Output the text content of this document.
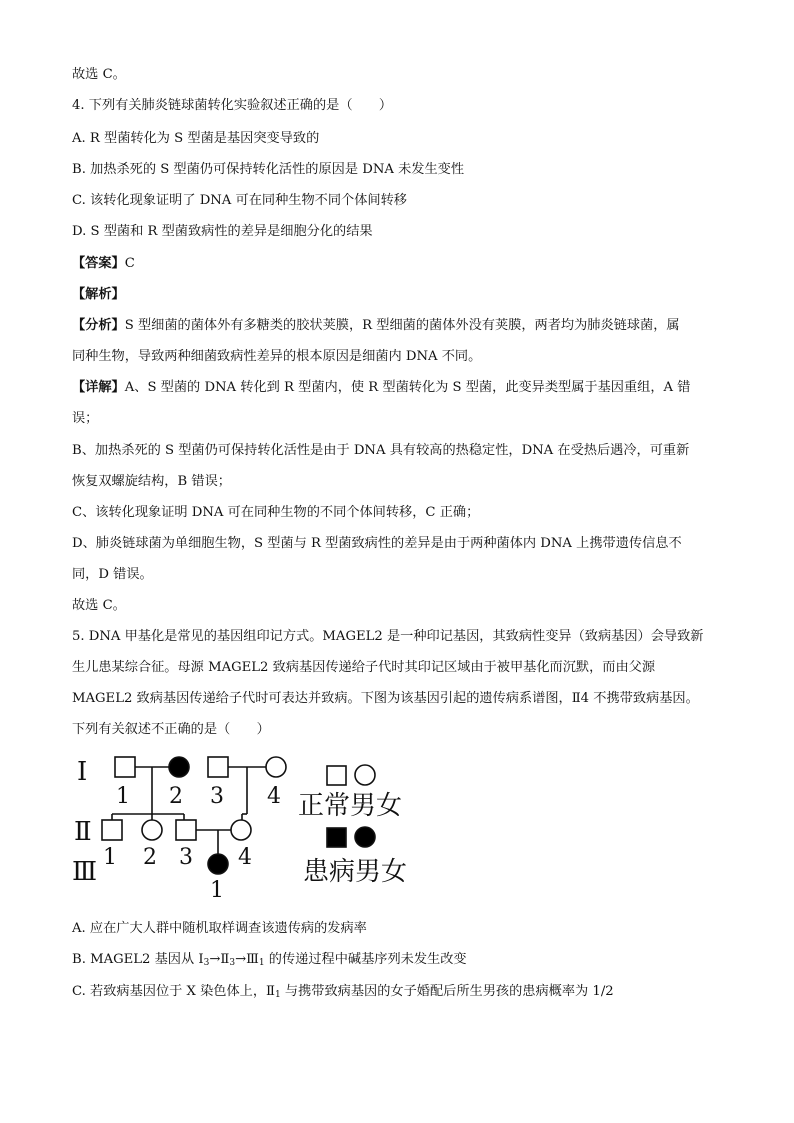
故选 C。
4. 下列有关肺炎链球菌转化实验叙述正确的是（　　）
A. R 型菌转化为 S 型菌是基因突变导致的
B. 加热杀死的 S 型菌仍可保持转化活性的原因是 DNA 未发生变性
C. 该转化现象证明了 DNA 可在同种生物不同个体间转移
D. S 型菌和 R 型菌致病性的差异是细胞分化的结果
【答案】C
【解析】
【分析】S 型细菌的菌体外有多糖类的胶状荚膜，R 型细菌的菌体外没有荚膜，两者均为肺炎链球菌，属
同种生物，导致两种细菌致病性差异的根本原因是细菌内 DNA 不同。
【详解】A、S 型菌的 DNA 转化到 R 型菌内，使 R 型菌转化为 S 型菌，此变异类型属于基因重组，A 错
误；
B、加热杀死的 S 型菌仍可保持转化活性是由于 DNA 具有较高的热稳定性，DNA 在受热后遇冷，可重新
恢复双螺旋结构，B 错误；
C、该转化现象证明 DNA 可在同种生物的不同个体间转移，C 正确；
D、肺炎链球菌为单细胞生物，S 型菌与 R 型菌致病性的差异是由于两种菌体内 DNA 上携带遗传信息不
同，D 错误。
故选 C。
5. DNA 甲基化是常见的基因组印记方式。MAGEL2 是一种印记基因，其致病性变异（致病基因）会导致新
生儿患某综合征。母源 MAGEL2 致病基因传递给子代时其印记区域由于被甲基化而沉默，而由父源
MAGEL2 致病基因传递给子代时可表达并致病。下图为该基因引起的遗传病系谱图，Ⅱ4 不携带致病基因。
下列有关叙述不正确的是（　　）
I
Ⅱ
Ⅲ
1 2 3 4
1 2 3 4
1
正常男女
患病男女
A. 应在广大人群中随机取样调查该遗传病的发病率
B. MAGEL2 基因从 I3→Ⅱ3→Ⅲ1 的传递过程中碱基序列未发生改变
C. 若致病基因位于 X 染色体上，Ⅱ1 与携带致病基因的女子婚配后所生男孩的患病概率为 1/2
